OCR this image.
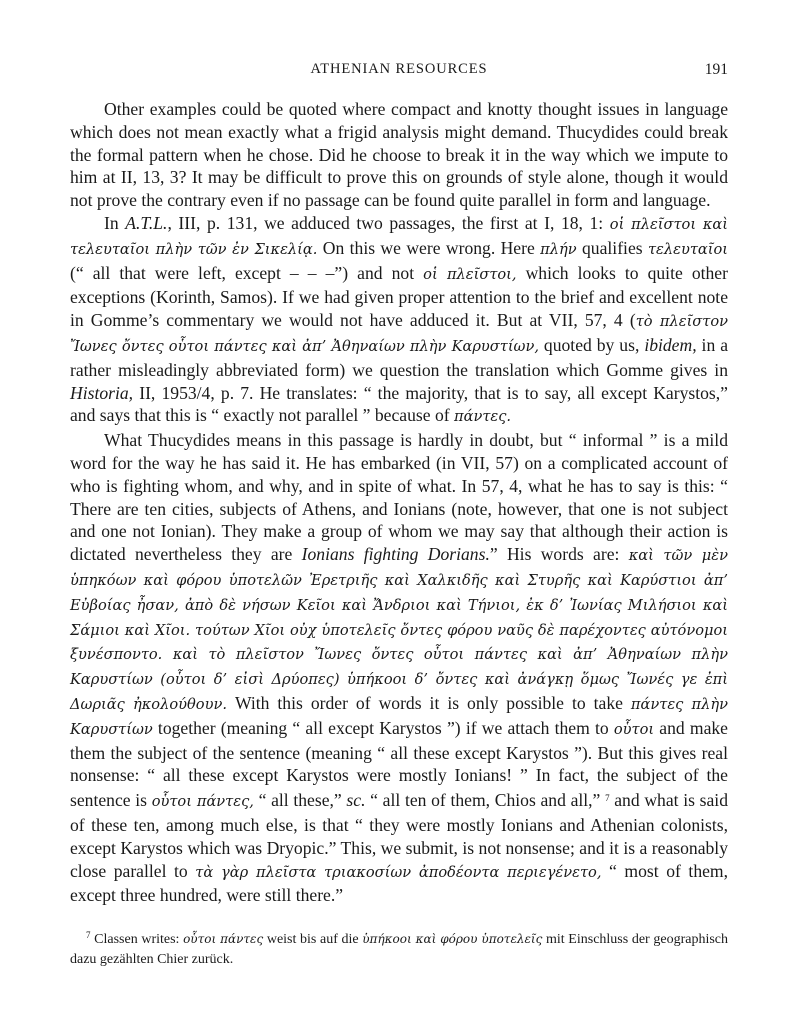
ATHENIAN RESOURCES	191

Other examples could be quoted where compact and knotty thought issues in language which does not mean exactly what a frigid analysis might demand. Thucydides could break the formal pattern when he chose. Did he choose to break it in the way which we impute to him at II, 13, 3? It may be difficult to prove this on grounds of style alone, though it would not prove the contrary even if no passage can be found quite parallel in form and language.

In A.T.L., III, p. 131, we adduced two passages, the first at I, 18, 1: οἱ πλεῖστοι καὶ τελευταῖοι πλὴν τῶν ἐν Σικελίᾳ. On this we were wrong. Here πλήν qualifies τελευταῖοι (“ all that were left, except – – –”) and not οἱ πλεῖστοι, which looks to quite other exceptions (Korinth, Samos). If we had given proper attention to the brief and excellent note in Gomme’s commentary we would not have adduced it. But at VII, 57, 4 (τὸ πλεῖστον Ἴωνες ὄντες οὗτοι πάντες καὶ ἀπ’ Ἀθηναίων πλὴν Καρυστίων, quoted by us, ibidem, in a rather misleadingly abbreviated form) we question the translation which Gomme gives in Historia, II, 1953/4, p. 7. He translates: “ the majority, that is to say, all except Karystos,” and says that this is “ exactly not parallel ” because of πάντες.

What Thucydides means in this passage is hardly in doubt, but “ informal ” is a mild word for the way he has said it. He has embarked (in VII, 57) on a complicated account of who is fighting whom, and why, and in spite of what. In 57, 4, what he has to say is this: “ There are ten cities, subjects of Athens, and Ionians (note, however, that one is not subject and one not Ionian). They make a group of whom we may say that although their action is dictated nevertheless they are Ionians fighting Dorians.” His words are: καὶ τῶν μὲν ὑπηκόων καὶ φόρου ὑποτελῶν Ἐρετριῆς καὶ Χαλκιδῆς καὶ Στυρῆς καὶ Καρύστιοι ἀπ’ Εὐβοίας ἦσαν, ἀπὸ δὲ νήσων Κεῖοι καὶ Ἄνδριοι καὶ Τήνιοι, ἐκ δ’ Ἰωνίας Μιλήσιοι καὶ Σάμιοι καὶ Χῖοι. τούτων Χῖοι οὐχ ὑποτελεῖς ὄντες φόρου ναῦς δὲ παρέχοντες αὐτόνομοι ξυνέσποντο. καὶ τὸ πλεῖστον Ἴωνες ὄντες οὗτοι πάντες καὶ ἀπ’ Ἀθηναίων πλὴν Καρυστίων (οὗτοι δ’ εἰσὶ Δρύοπες) ὑπήκοοι δ’ ὄντες καὶ ἀνάγκῃ ὅμως Ἴωνές γε ἐπὶ Δωριᾶς ἠκολούθουν. With this order of words it is only possible to take πάντες πλὴν Καρυστίων together (meaning “ all except Karystos ”) if we attach them to οὗτοι and make them the subject of the sentence (meaning “ all these except Karystos ”). But this gives real nonsense: “ all these except Karystos were mostly Ionians! ” In fact, the subject of the sentence is οὗτοι πάντες, “ all these,” sc. “ all ten of them, Chios and all,” $^7$ and what is said of these ten, among much else, is that “ they were mostly Ionians and Athenian colonists, except Karystos which was Dryopic.” This, we submit, is not nonsense; and it is a reasonably close parallel to τὰ γὰρ πλεῖστα τριακοσίων ἀποδέοντα περιεγένετο, “ most of them, except three hundred, were still there.”

$^7$ Classen writes: οὗτοι πάντες weist bis auf die ὑπήκοοι καὶ φόρου ὑποτελεῖς mit Einschluss der geographisch dazu gezählten Chier zurück.
